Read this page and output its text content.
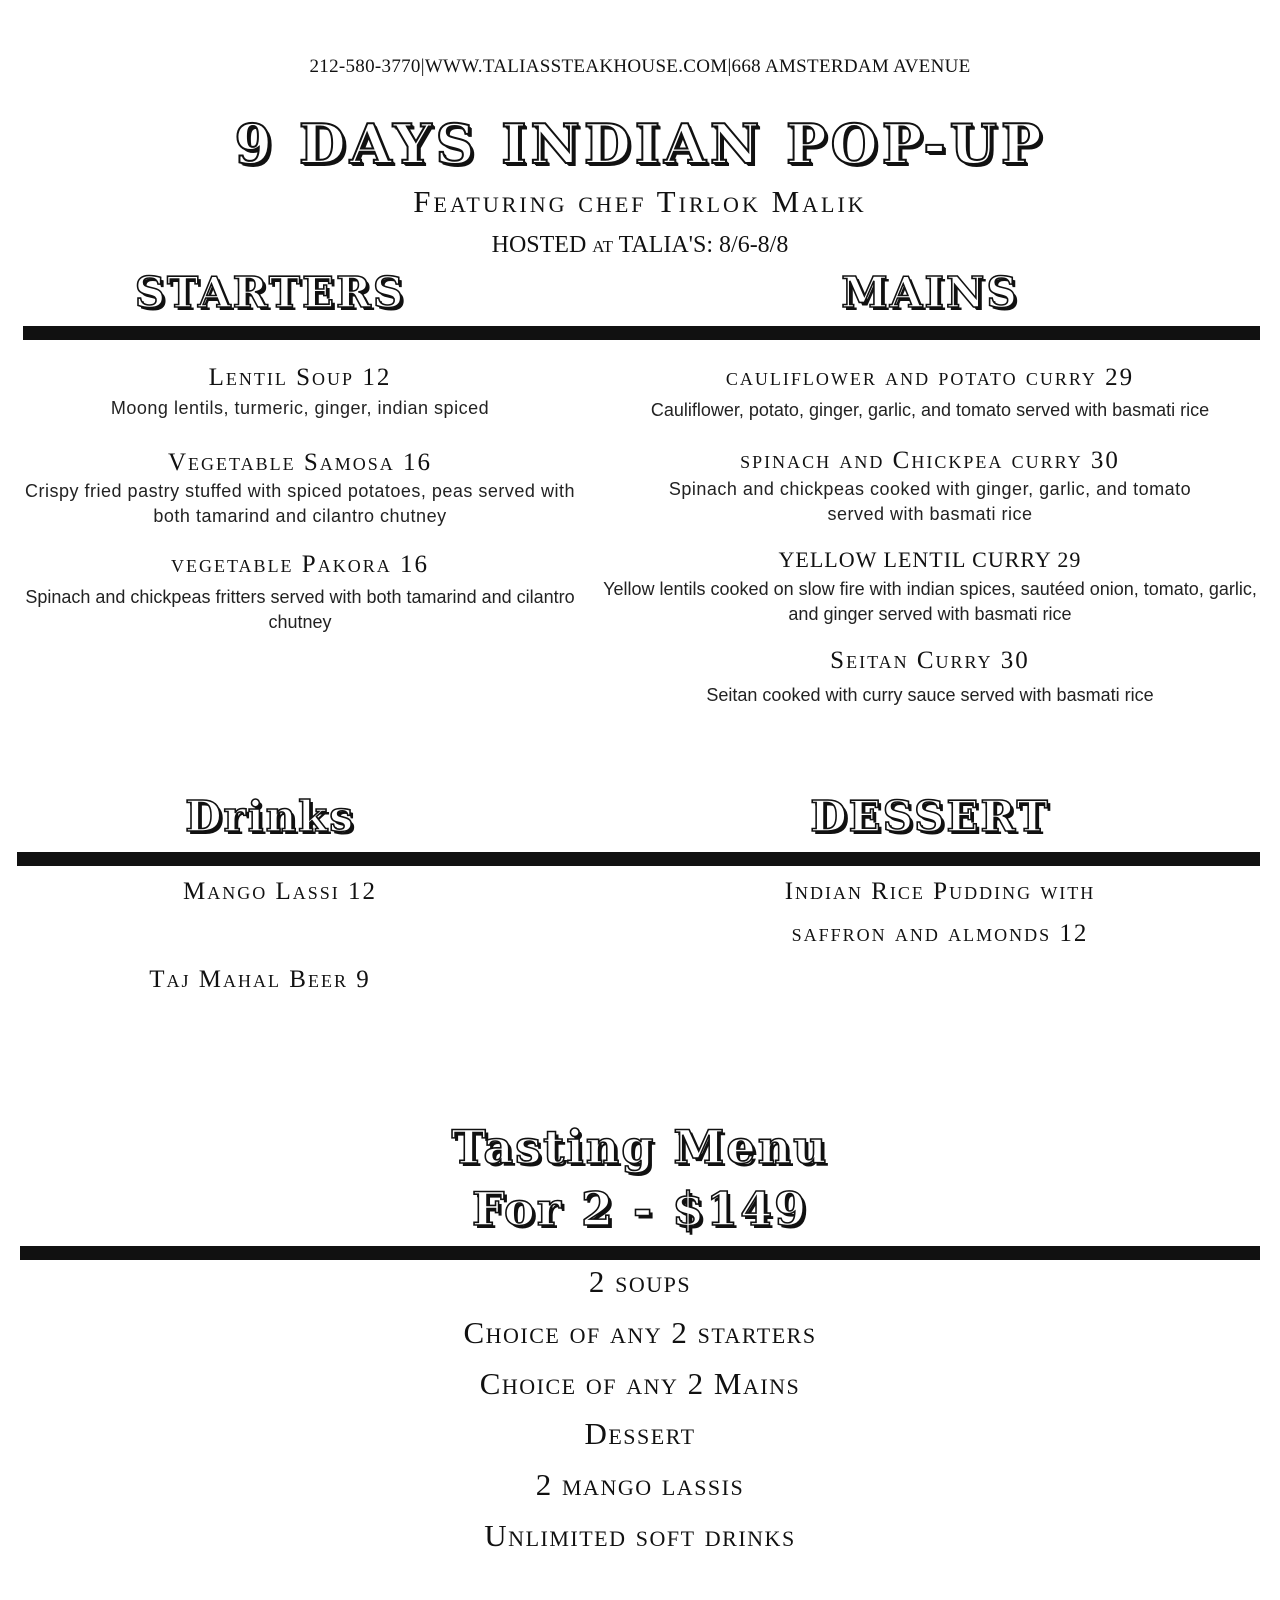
212-580-3770|WWW.TALIASSTEAKHOUSE.COM|668 AMSTERDAM AVENUE
9 DAYS INDIAN POP-UP
Featuring chef Tirlok Malik
HOSTED at TALIA'S: 8/6-8/8
STARTERS	MAINS
Lentil Soup 12
Moong lentils, turmeric, ginger, indian spiced
Vegetable Samosa 16
Crispy fried pastry stuffed with spiced potatoes, peas served with both tamarind and cilantro chutney
vegetable Pakora 16
Spinach and chickpeas fritters served with both tamarind and cilantro chutney
cauliflower and potato curry 29
Cauliflower, potato, ginger, garlic, and tomato served with basmati rice
spinach and Chickpea curry 30
Spinach and chickpeas cooked with ginger, garlic, and tomato served with basmati rice
YELLOW LENTIL CURRY 29
Yellow lentils cooked on slow fire with indian spices, sautéed onion, tomato, garlic, and ginger served with basmati rice
Seitan Curry 30
Seitan cooked with curry sauce served with basmati rice
Drinks	DESSERT
Mango Lassi 12
Taj Mahal Beer 9
Indian Rice Pudding with
saffron and almonds 12
Tasting Menu
For 2 - $149
2 soups
Choice of any 2 starters
Choice of any 2 Mains
Dessert
2 mango lassis
Unlimited soft drinks
